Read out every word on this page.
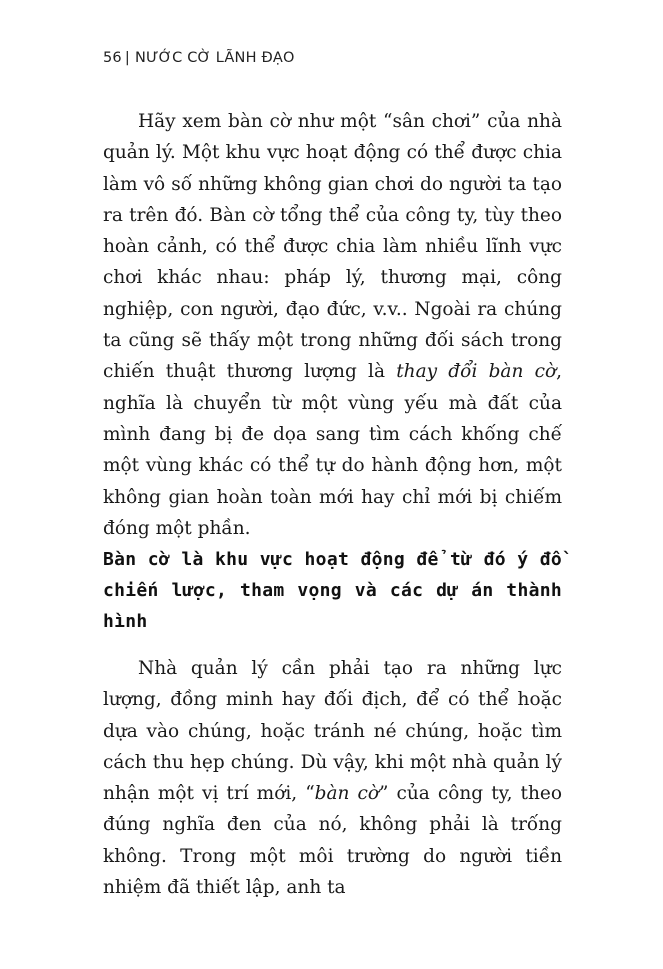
56 | NƯỚC CỜ LÃNH ĐẠO

Hãy xem bàn cờ như một “sân chơi” của nhà quản lý. Một khu vực hoạt động có thể được chia làm vô số những không gian chơi do người ta tạo ra trên đó. Bàn cờ tổng thể của công ty, tùy theo hoàn cảnh, có thể được chia làm nhiều lĩnh vực chơi khác nhau: pháp lý, thương mại, công nghiệp, con người, đạo đức, v.v.. Ngoài ra chúng ta cũng sẽ thấy một trong những đối sách trong chiến thuật thương lượng là thay đổi bàn cờ, nghĩa là chuyển từ một vùng yếu mà đất của mình đang bị đe dọa sang tìm cách khống chế một vùng khác có thể tự do hành động hơn, một không gian hoàn toàn mới hay chỉ mới bị chiếm đóng một phần.

Bàn cờ là khu vực hoạt động để từ đó ý đồ chiến lược, tham vọng và các dự án thành hình

Nhà quản lý cần phải tạo ra những lực lượng, đồng minh hay đối địch, để có thể hoặc dựa vào chúng, hoặc tránh né chúng, hoặc tìm cách thu hẹp chúng. Dù vậy, khi một nhà quản lý nhận một vị trí mới, “bàn cờ” của công ty, theo đúng nghĩa đen của nó, không phải là trống không. Trong một môi trường do người tiền nhiệm đã thiết lập, anh ta
